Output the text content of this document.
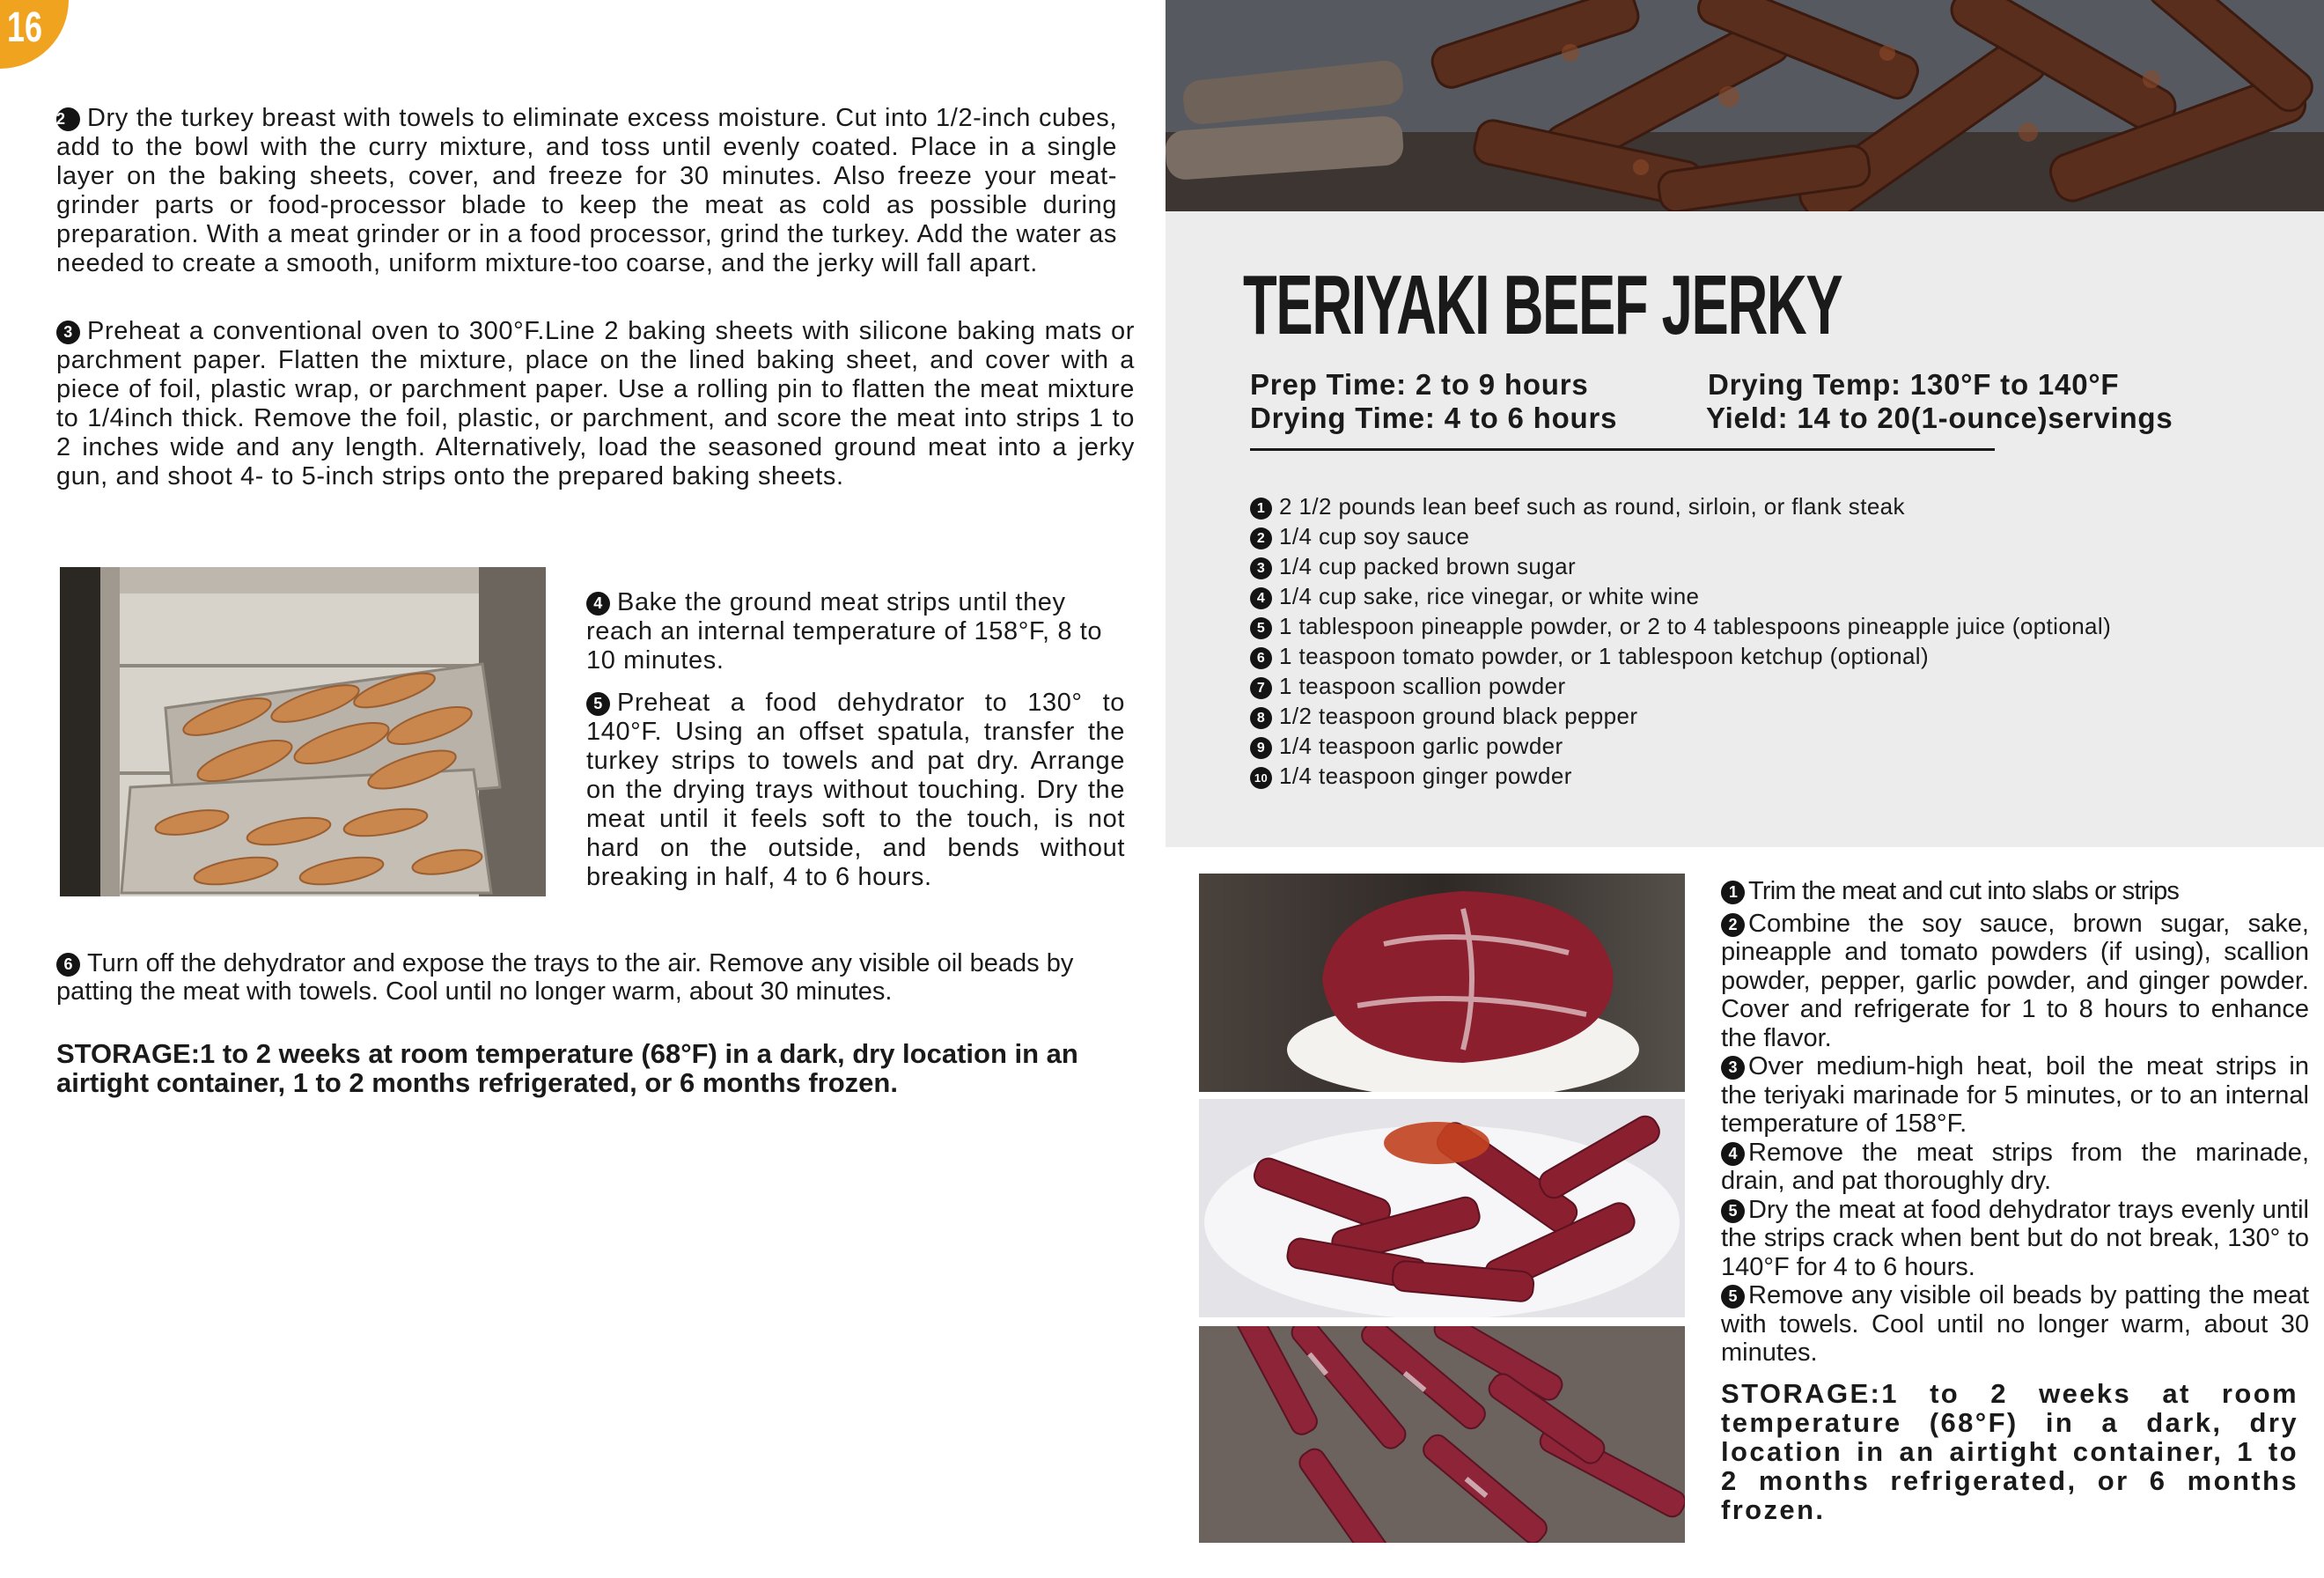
16

2 Dry the turkey breast with towels to eliminate excess moisture. Cut into 1/2-inch cubes, add to the bowl with the curry mixture, and toss until evenly coated. Place in a single layer on the baking sheets, cover, and freeze for 30 minutes. Also freeze your meat-grinder parts or food-processor blade to keep the meat as cold as possible during preparation. With a meat grinder or in a food processor, grind the turkey. Add the water as needed to create a smooth, uniform mixture-too coarse, and the jerky will fall apart.

3 Preheat a conventional oven to 300°F.Line 2 baking sheets with silicone baking mats or parchment paper. Flatten the mixture, place on the lined baking sheet, and cover with a piece of foil, plastic wrap, or parchment paper. Use a rolling pin to flatten the meat mixture to 1/4inch thick. Remove the foil, plastic, or parchment, and score the meat into strips 1 to 2 inches wide and any length. Alternatively, load the seasoned ground meat into a jerky gun, and shoot 4- to 5-inch strips onto the prepared baking sheets.

4 Bake the ground meat strips until they reach an internal temperature of 158°F, 8 to 10 minutes.

5 Preheat a food dehydrator to 130° to 140°F. Using an offset spatula, transfer the turkey strips to towels and pat dry. Arrange on the drying trays without touching. Dry the meat until it feels soft to the touch, is not hard on the outside, and bends without breaking in half, 4 to 6 hours.

6 Turn off the dehydrator and expose the trays to the air. Remove any visible oil beads by patting the meat with towels. Cool until no longer warm, about 30 minutes.

STORAGE:1 to 2 weeks at room temperature (68°F) in a dark, dry location in an airtight container, 1 to 2 months refrigerated, or 6 months frozen.

TERIYAKI BEEF JERKY
Prep Time: 2 to 9 hours	Drying Temp: 130°F to 140°F
Drying Time: 4 to 6 hours	Yield: 14 to 20(1-ounce)servings
1 2 1/2 pounds lean beef such as round, sirloin, or flank steak
2 1/4 cup soy sauce
3 1/4 cup packed brown sugar
4 1/4 cup sake, rice vinegar, or white wine
5 1 tablespoon pineapple powder, or 2 to 4 tablespoons pineapple juice (optional)
6 1 teaspoon tomato powder, or 1 tablespoon ketchup (optional)
7 1 teaspoon scallion powder
8 1/2 teaspoon ground black pepper
9 1/4 teaspoon garlic powder
10 1/4 teaspoon ginger powder

1 Trim the meat and cut into slabs or strips

2 Combine the soy sauce, brown sugar, sake, pineapple and tomato powders (if using), scallion powder, pepper, garlic powder, and ginger powder. Cover and refrigerate for 1 to 8 hours to enhance the flavor.

3 Over medium-high heat, boil the meat strips in the teriyaki marinade for 5 minutes, or to an internal temperature of 158°F.

4 Remove the meat strips from the marinade, drain, and pat thoroughly dry.

5 Dry the meat at food dehydrator trays evenly until the strips crack when bent but do not break, 130° to 140°F for 4 to 6 hours.

5 Remove any visible oil beads by patting the meat with towels. Cool until no longer warm, about 30 minutes.

STORAGE:1 to 2 weeks at room temperature (68°F) in a dark, dry location in an airtight container, 1 to 2 months refrigerated, or 6 months frozen.
